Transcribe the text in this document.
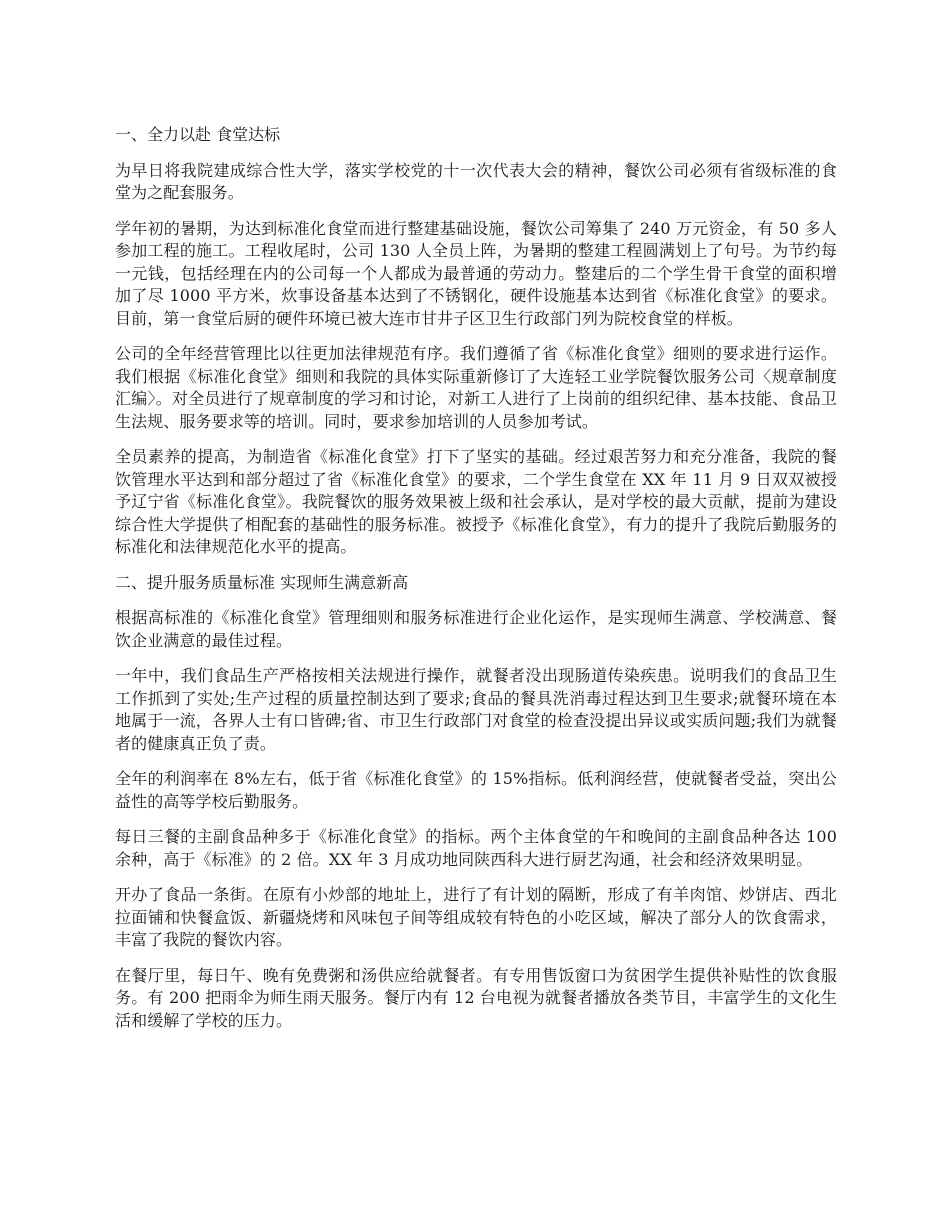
一、全力以赴 食堂达标

为早日将我院建成综合性大学，落实学校党的十一次代表大会的精神，餐饮公司必须有省级标准的食堂为之配套服务。

学年初的暑期，为达到标准化食堂而进行整建基础设施，餐饮公司筹集了 240 万元资金，有 50 多人参加工程的施工。工程收尾时，公司 130 人全员上阵，为暑期的整建工程圆满划上了句号。为节约每一元钱，包括经理在内的公司每一个人都成为最普通的劳动力。整建后的二个学生骨干食堂的面积增加了尽 1000 平方米，炊事设备基本达到了不锈钢化，硬件设施基本达到省《标准化食堂》的要求。目前，第一食堂后厨的硬件环境已被大连市甘井子区卫生行政部门列为院校食堂的样板。

公司的全年经营管理比以往更加法律规范有序。我们遵循了省《标准化食堂》细则的要求进行运作。我们根据《标准化食堂》细则和我院的具体实际重新修订了大连轻工业学院餐饮服务公司〈规章制度汇编〉。对全员进行了规章制度的学习和讨论，对新工人进行了上岗前的组织纪律、基本技能、食品卫生法规、服务要求等的培训。同时，要求参加培训的人员参加考试。

全员素养的提高，为制造省《标准化食堂》打下了坚实的基础。经过艰苦努力和充分准备，我院的餐饮管理水平达到和部分超过了省《标准化食堂》的要求，二个学生食堂在 XX 年 11 月 9 日双双被授予辽宁省《标准化食堂》。我院餐饮的服务效果被上级和社会承认，是对学校的最大贡献，提前为建设综合性大学提供了相配套的基础性的服务标准。被授予《标准化食堂》，有力的提升了我院后勤服务的标准化和法律规范化水平的提高。

二、提升服务质量标准 实现师生满意新高

根据高标准的《标准化食堂》管理细则和服务标准进行企业化运作，是实现师生满意、学校满意、餐饮企业满意的最佳过程。

一年中，我们食品生产严格按相关法规进行操作，就餐者没出现肠道传染疾患。说明我们的食品卫生工作抓到了实处;生产过程的质量控制达到了要求;食品的餐具洗消毒过程达到卫生要求;就餐环境在本地属于一流，各界人士有口皆碑;省、市卫生行政部门对食堂的检查没提出异议或实质问题;我们为就餐者的健康真正负了责。

全年的利润率在 8%左右，低于省《标准化食堂》的 15%指标。低利润经营，使就餐者受益，突出公益性的高等学校后勤服务。

每日三餐的主副食品种多于《标准化食堂》的指标。两个主体食堂的午和晚间的主副食品种各达 100 余种，高于《标准》的 2 倍。XX 年 3 月成功地同陕西科大进行厨艺沟通，社会和经济效果明显。

开办了食品一条街。在原有小炒部的地址上，进行了有计划的隔断，形成了有羊肉馆、炒饼店、西北拉面铺和快餐盒饭、新疆烧烤和风味包子间等组成较有特色的小吃区域，解决了部分人的饮食需求，丰富了我院的餐饮内容。

在餐厅里，每日午、晚有免费粥和汤供应给就餐者。有专用售饭窗口为贫困学生提供补贴性的饮食服务。有 200 把雨伞为师生雨天服务。餐厅内有 12 台电视为就餐者播放各类节目，丰富学生的文化生活和缓解了学校的压力。
